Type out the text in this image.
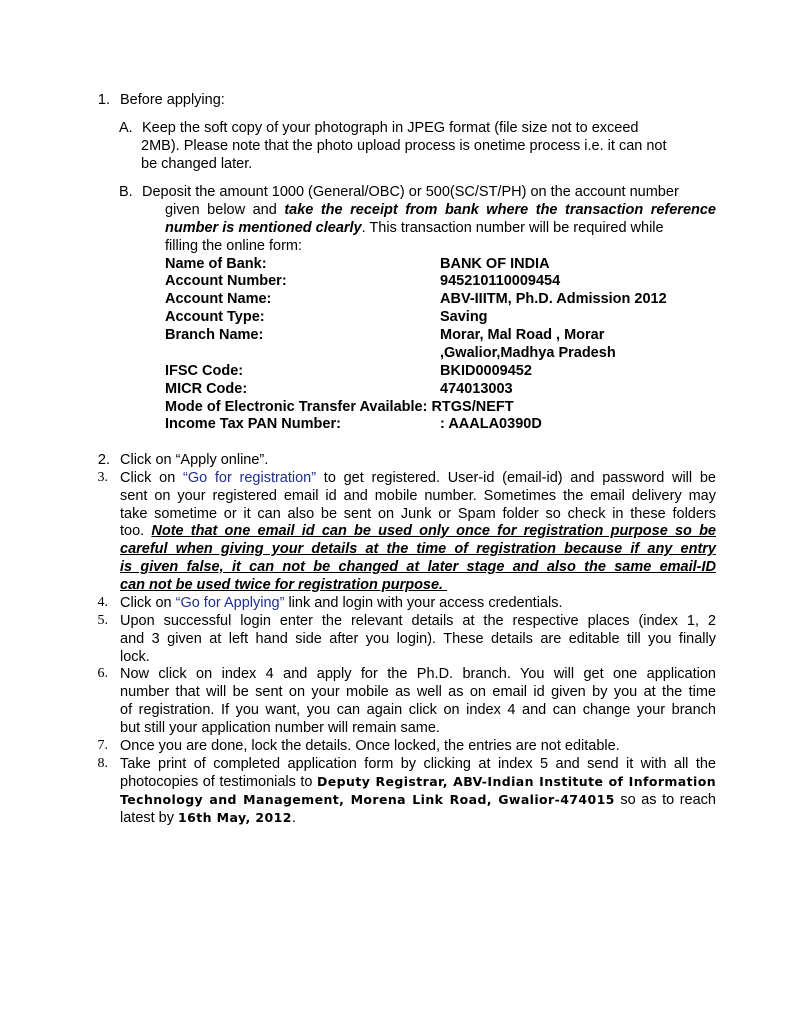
1. Before applying:
A. Keep the soft copy of your photograph in JPEG format (file size not to exceed
2MB). Please note that the photo upload process is onetime process i.e. it can not
be changed later.
B. Deposit the amount 1000 (General/OBC) or 500(SC/ST/PH) on the account number
given below and take the receipt from bank where the transaction reference
number is mentioned clearly. This transaction number will be required while
filling the online form:
Name of Bank:	BANK OF INDIA
Account Number:	945210110009454
Account Name:	ABV-IIITM, Ph.D. Admission 2012
Account Type:	Saving
Branch Name:	Morar, Mal Road , Morar
,Gwalior,Madhya Pradesh
IFSC Code:	BKID0009452
MICR Code:	474013003
Mode of Electronic Transfer Available: RTGS/NEFT
Income Tax PAN Number:	: AAALA0390D
2. Click on “Apply online”.
3. Click on “Go for registration” to get registered. User-id (email-id) and password will be
sent on your registered email id and mobile number. Sometimes the email delivery may
take sometime or it can also be sent on Junk or Spam folder so check in these folders
too. Note that one email id can be used only once for registration purpose so be
careful when giving your details at the time of registration because if any entry
is given false, it can not be changed at later stage and also the same email-ID
can not be used twice for registration purpose.
4. Click on “Go for Applying” link and login with your access credentials.
5. Upon successful login enter the relevant details at the respective places (index 1, 2
and 3 given at left hand side after you login). These details are editable till you finally
lock.
6. Now click on index 4 and apply for the Ph.D. branch. You will get one application
number that will be sent on your mobile as well as on email id given by you at the time
of registration. If you want, you can again click on index 4 and can change your branch
but still your application number will remain same.
7. Once you are done, lock the details. Once locked, the entries are not editable.
8. Take print of completed application form by clicking at index 5 and send it with all the
photocopies of testimonials to Deputy Registrar, ABV-Indian Institute of Information
Technology and Management, Morena Link Road, Gwalior-474015 so as to reach
latest by 16th May, 2012.
